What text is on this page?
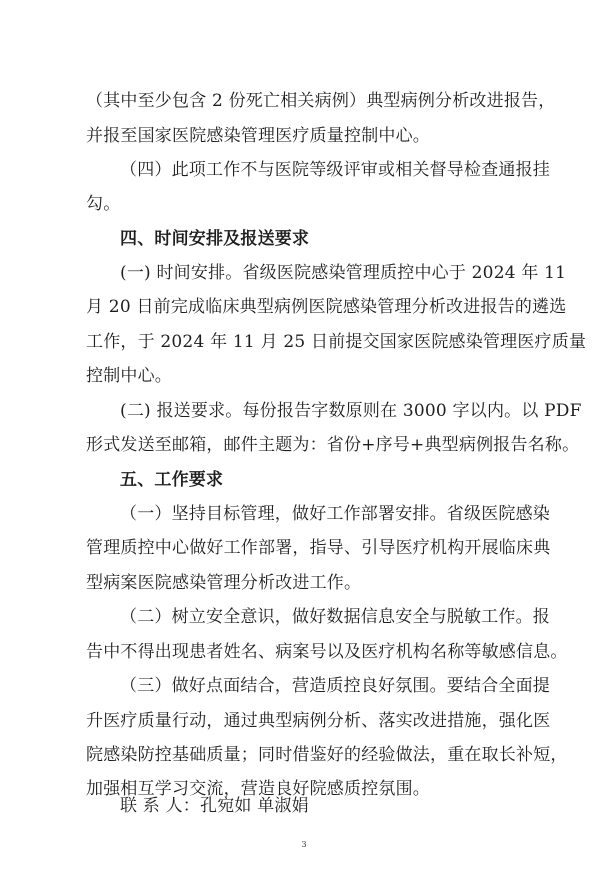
（其中至少包含 2 份死亡相关病例）典型病例分析改进报告，
并报至国家医院感染管理医疗质量控制中心。
（四）此项工作不与医院等级评审或相关督导检查通报挂
勾。
四、时间安排及报送要求
(一) 时间安排。省级医院感染管理质控中心于 2024 年 11
月 20 日前完成临床典型病例医院感染管理分析改进报告的遴选
工作，于 2024 年 11 月 25 日前提交国家医院感染管理医疗质量
控制中心。
(二) 报送要求。每份报告字数原则在 3000 字以内。以 PDF
形式发送至邮箱，邮件主题为：省份+序号+典型病例报告名称。
五、工作要求
（一）坚持目标管理，做好工作部署安排。省级医院感染
管理质控中心做好工作部署，指导、引导医疗机构开展临床典
型病案医院感染管理分析改进工作。
（二）树立安全意识，做好数据信息安全与脱敏工作。报
告中不得出现患者姓名、病案号以及医疗机构名称等敏感信息。
（三）做好点面结合，营造质控良好氛围。要结合全面提
升医疗质量行动，通过典型病例分析、落实改进措施，强化医
院感染防控基础质量；同时借鉴好的经验做法，重在取长补短，
加强相互学习交流，营造良好院感质控氛围。
联 系 人：孔宛如 单淑娟
3
